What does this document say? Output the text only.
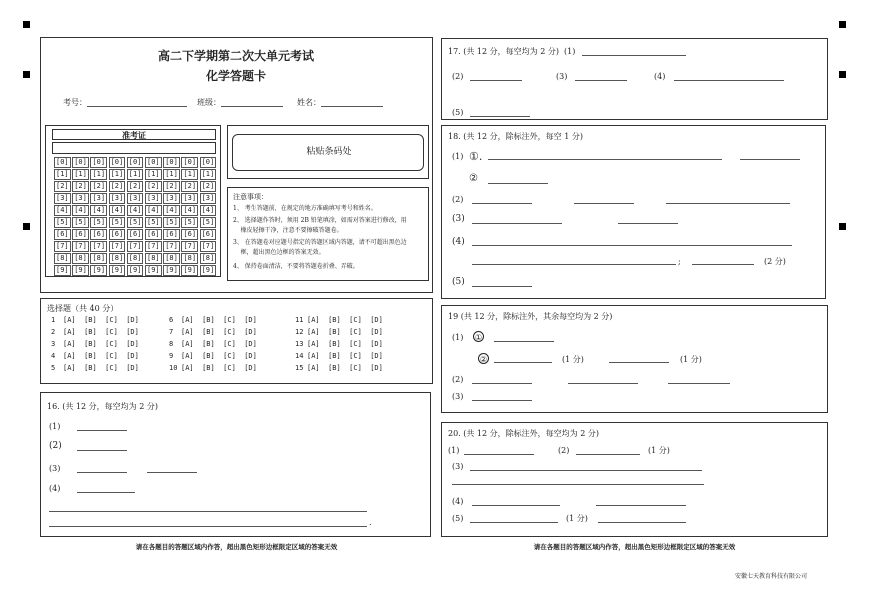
高二下学期第二次大单元考试
化学答题卡
考号：	班级：	姓名：
准考证
[0] [0] [0] [0] [0] [0] [0] [0] [0]
[1] [1] [1] [1] [1] [1] [1] [1] [1]
[2] [2] [2] [2] [2] [2] [2] [2] [2]
[3] [3] [3] [3] [3] [3] [3] [3] [3]
[4] [4] [4] [4] [4] [4] [4] [4] [4]
[5] [5] [5] [5] [5] [5] [5] [5] [5]
[6] [6] [6] [6] [6] [6] [6] [6] [6]
[7] [7] [7] [7] [7] [7] [7] [7] [7]
[8] [8] [8] [8] [8] [8] [8] [8] [8]
[9] [9] [9] [9] [9] [9] [9] [9] [9]
粘贴条码处
注意事项：
1、 考生答题前，在规定的地方准确填写考号和姓名。
2、 选择题作答时，须用 2B 铅笔填涂，如需对答案进行修改，用
橡皮轻擦干净，注意不要擦破答题卷。
3、 在答题卷对应题号指定的答题区域内答题，请不可超出黑色边
框，超出黑色边框的答案无效。
4、 保持卷面清洁，不要将答题卷折叠、弄破。
选择题（共 40 分）
1 [A]  [B]  [C]  [D]
2 [A]  [B]  [C]  [D]
3 [A]  [B]  [C]  [D]
4 [A]  [B]  [C]  [D]
5 [A]  [B]  [C]  [D]
6 [A]  [B]  [C]  [D]
7 [A]  [B]  [C]  [D]
8 [A]  [B]  [C]  [D]
9 [A]  [B]  [C]  [D]
10 [A]  [B]  [C]  [D]
11 [A]  [B]  [C]  [D]
12 [A]  [B]  [C]  [D]
13 [A]  [B]  [C]  [D]
14 [A]  [B]  [C]  [D]
15 [A]  [B]  [C]  [D]
16. (共 12 分，每空均为 2 分)
(1)
(2)
(3)
(4)
.
请在各题目的答题区域内作答，超出黑色矩形边框限定区域的答案无效
17. (共 12 分，每空均为 2 分) (1)
(2)	(3)	(4)
(5)
18. (共 12 分，除标注外，每空 1 分)
(1) ①.
②
(2)
(3)
(4)
;	(2 分)
(5)
19 (共 12 分，除标注外，其余每空均为 2 分)
(1) ①
②	(1 分)	(1 分)
(2)
(3)
20. (共 12 分，除标注外，每空均为 2 分)
(1)	(2)	(1 分)
(3)
(4)
(5)	(1 分)
请在各题目的答题区域内作答，超出黑色矩形边框限定区域的答案无效
安徽七天教育科技有限公司
